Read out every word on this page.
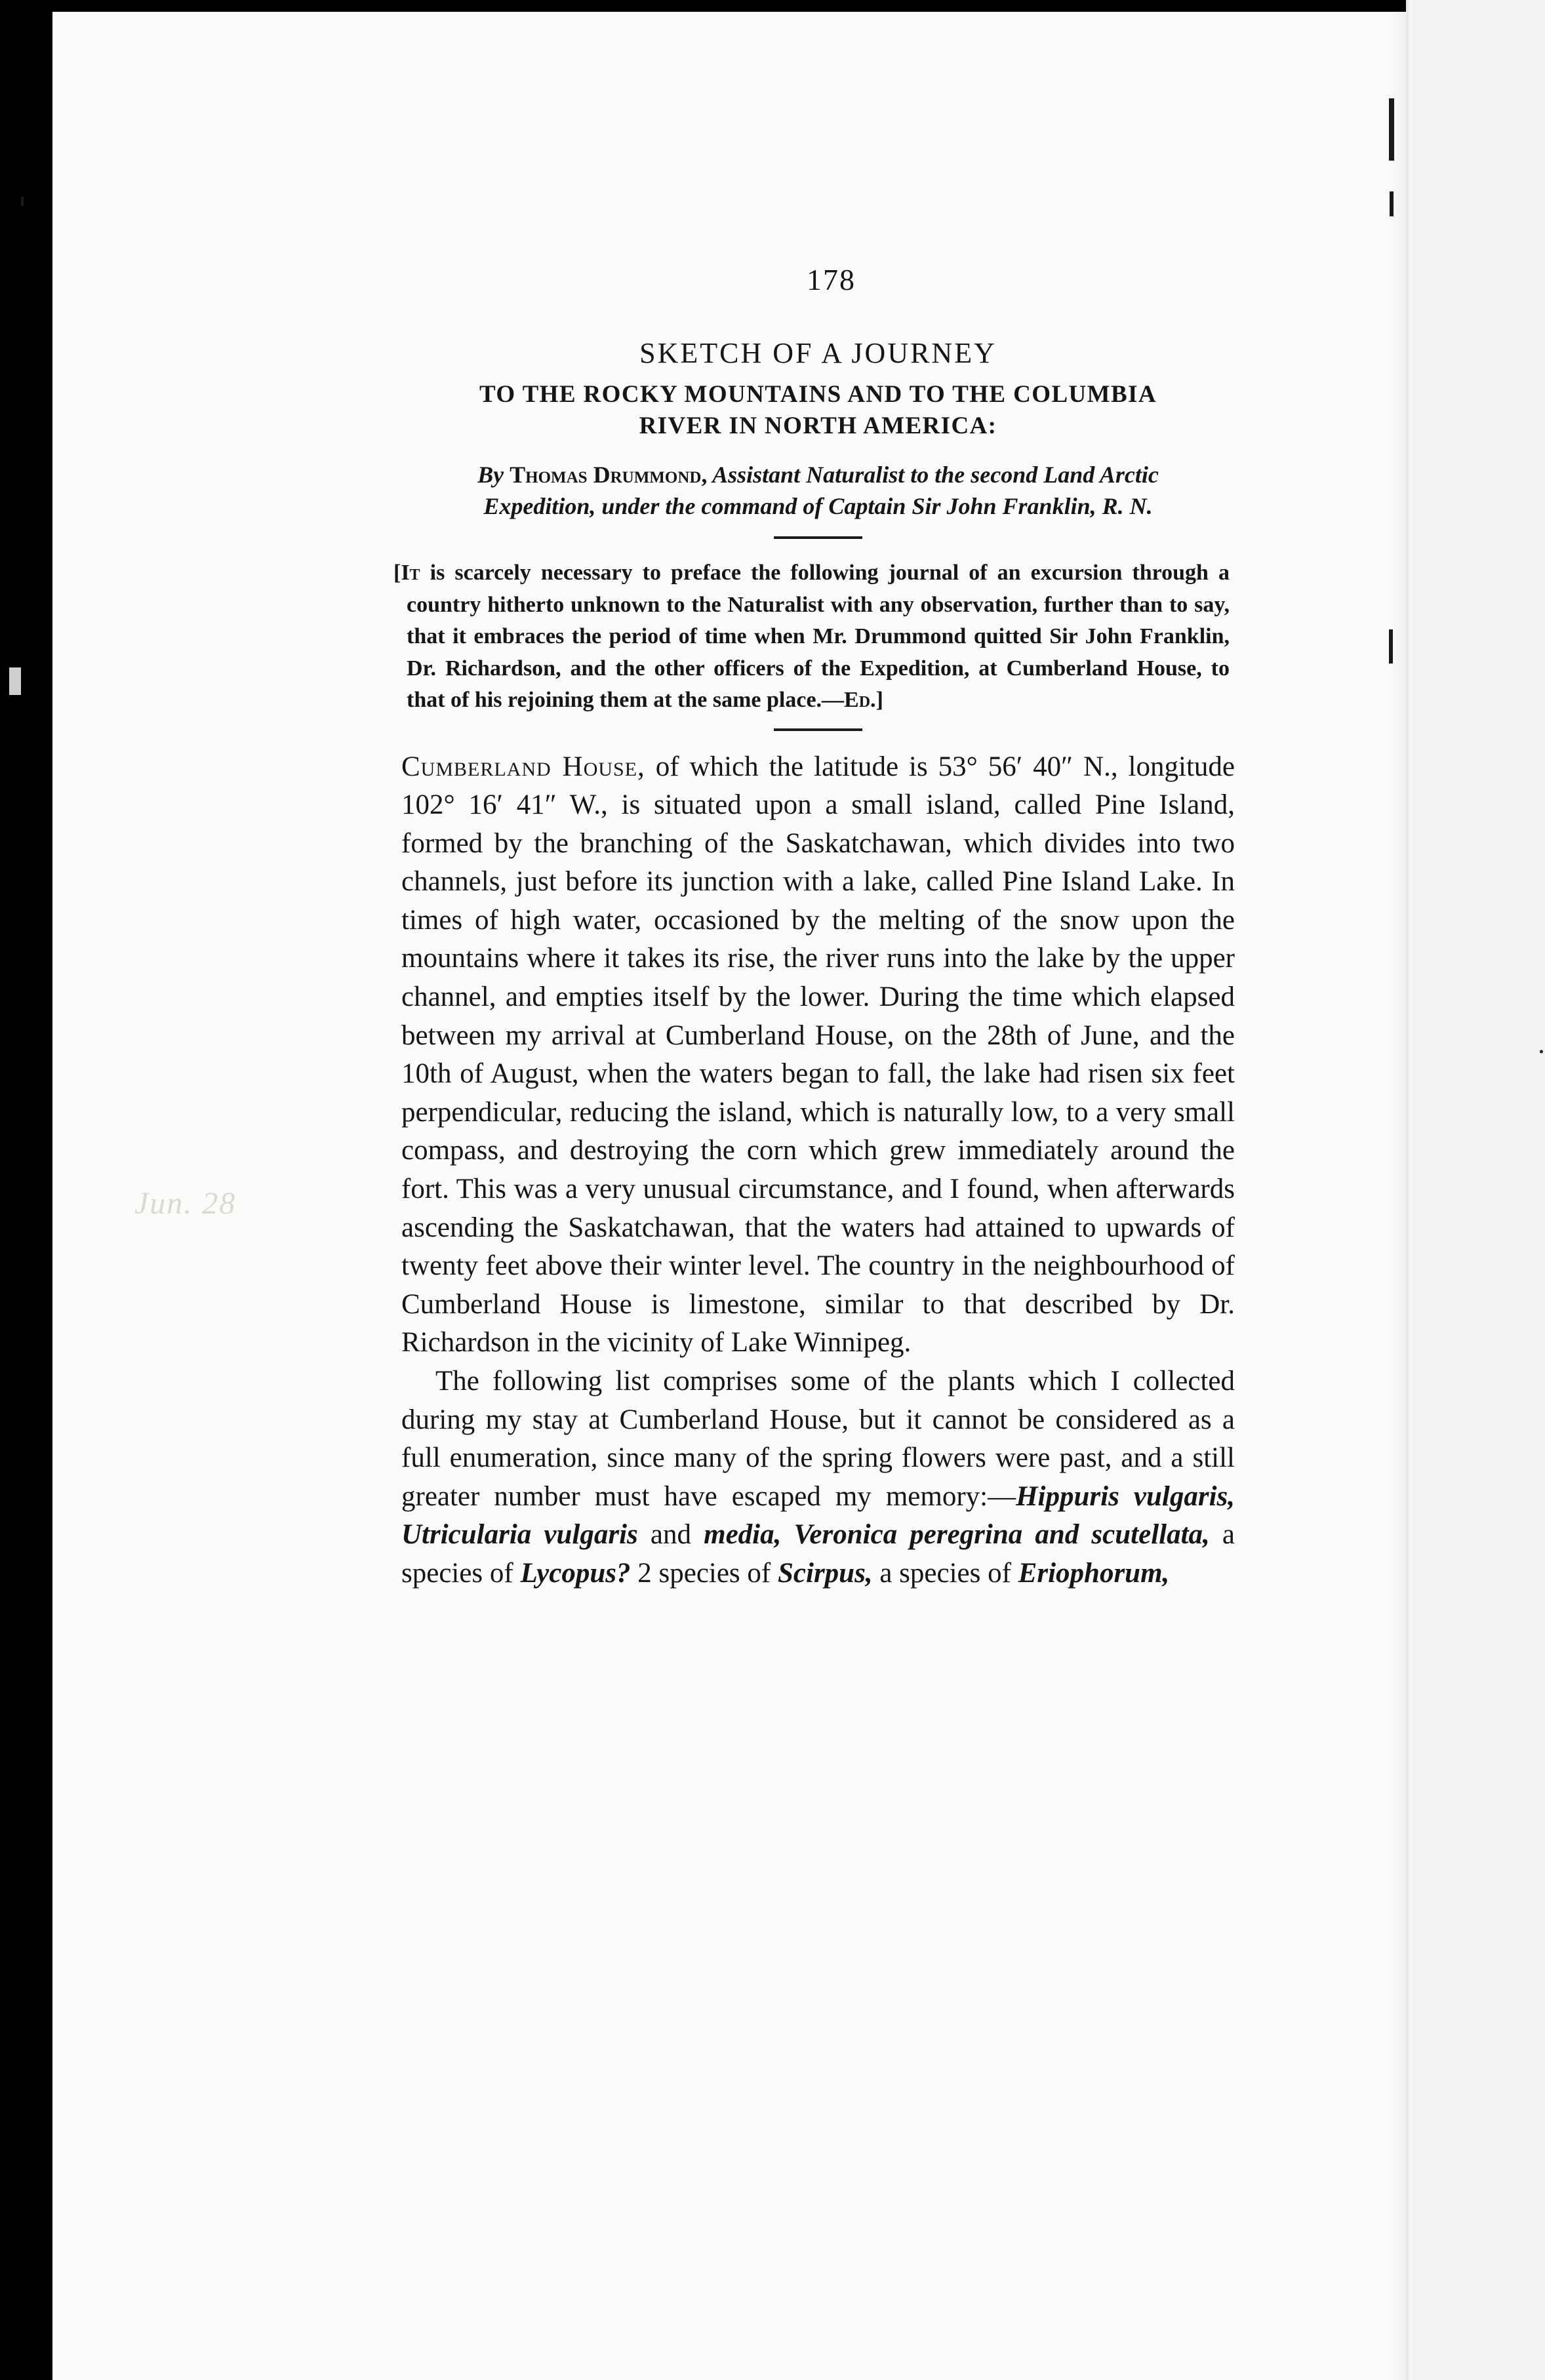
Jun. 28
.
178
SKETCH OF A JOURNEY
TO THE ROCKY MOUNTAINS AND TO THE COLUMBIA
RIVER IN NORTH AMERICA:
By Thomas Drummond, Assistant Naturalist to the second Land Arctic Expedition, under the command of Captain Sir John Franklin, R. N.
[It is scarcely necessary to preface the following journal of an excursion through a country hitherto unknown to the Naturalist with any observation, further than to say, that it embraces the period of time when Mr. Drummond quitted Sir John Franklin, Dr. Richardson, and the other officers of the Expedition, at Cumberland House, to that of his rejoining them at the same place.—Ed.]

Cumberland House, of which the latitude is 53° 56′ 40″ N., longitude 102° 16′ 41″ W., is situated upon a small island, called Pine Island, formed by the branching of the Saskatchawan, which divides into two channels, just before its junction with a lake, called Pine Island Lake. In times of high water, occasioned by the melting of the snow upon the mountains where it takes its rise, the river runs into the lake by the upper channel, and empties itself by the lower. During the time which elapsed between my arrival at Cumberland House, on the 28th of June, and the 10th of August, when the waters began to fall, the lake had risen six feet perpendicular, reducing the island, which is naturally low, to a very small compass, and destroying the corn which grew immediately around the fort. This was a very unusual circumstance, and I found, when afterwards ascending the Saskatchawan, that the waters had attained to upwards of twenty feet above their winter level. The country in the neighbourhood of Cumberland House is limestone, similar to that described by Dr. Richardson in the vicinity of Lake Winnipeg.

The following list comprises some of the plants which I collected during my stay at Cumberland House, but it cannot be considered as a full enumeration, since many of the spring flowers were past, and a still greater number must have escaped my memory:—Hippuris vulgaris, Utricularia vulgaris and media, Veronica peregrina and scutellata, a species of Lycopus? 2 species of Scirpus, a species of Eriophorum,
